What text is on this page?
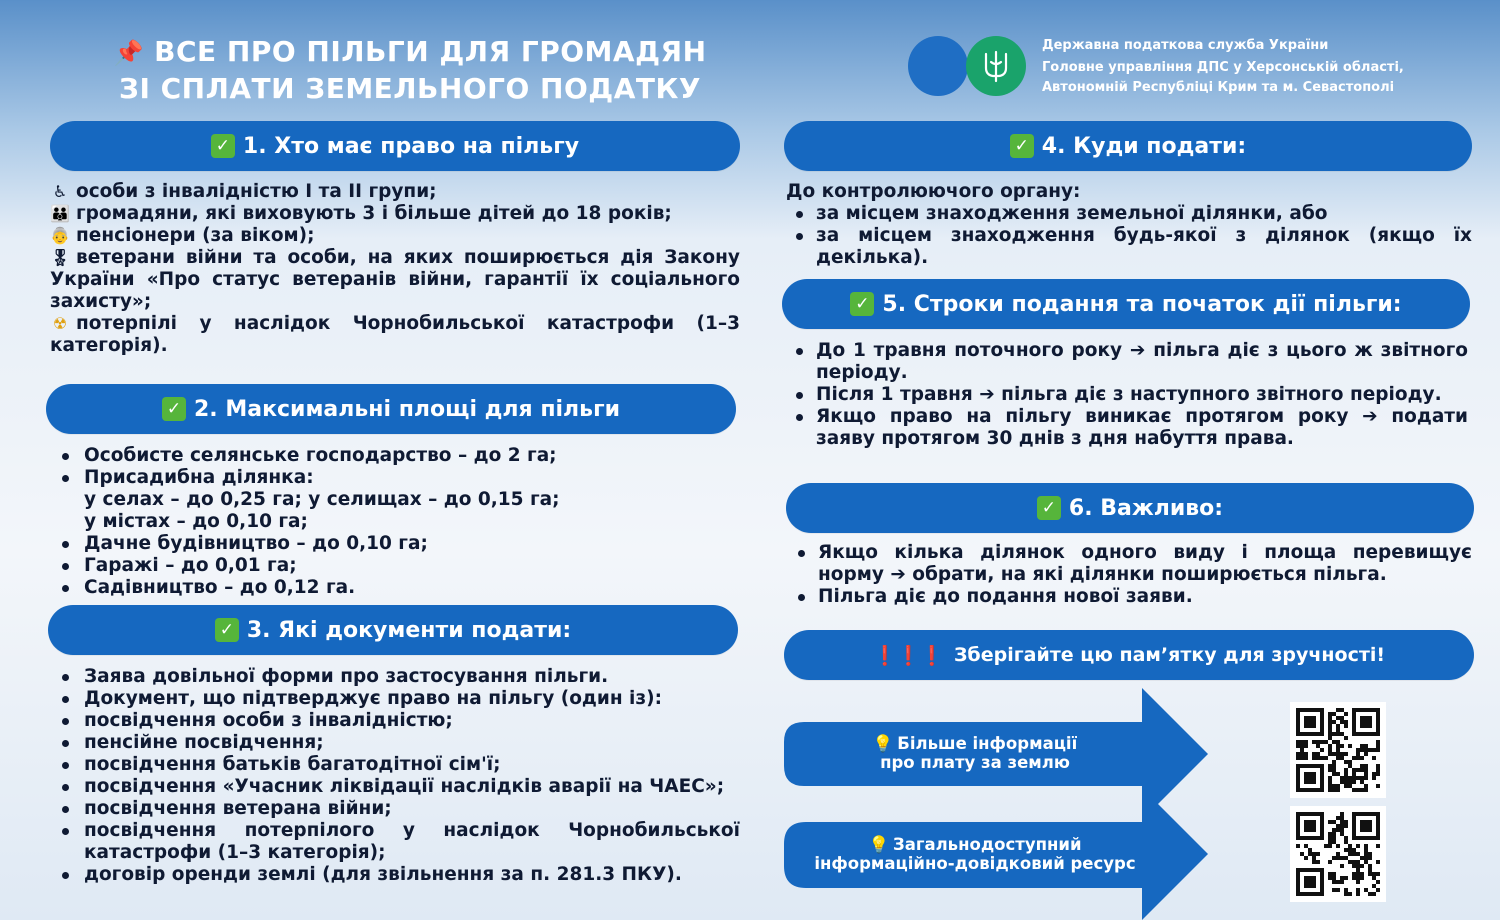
📌 ВСЕ ПРО ПІЛЬГИ ДЛЯ ГРОМАДЯН
ЗІ СПЛАТИ ЗЕМЕЛЬНОГО ПОДАТКУ
Державна податкова служба України
Головне управління ДПС у Херсонській області,
Автономній Республіці Крим та м. Севастополі
✓ 1. Хто має право на пільгу
♿ особи з інвалідністю І та ІІ групи;
👪 громадяни, які виховують 3 і більше дітей до 18 років;
👵 пенсіонери (за віком);
🎖 ветерани війни та особи, на яких поширюється дія Закону України «Про статус ветеранів війни, гарантії їх соціального захисту»;
☢ потерпілі у наслідок Чорнобильської катастрофи (1–3 категорія).
✓ 2. Максимальні площі для пільги
Особисте селянське господарство – до 2 га;
Присадибна ділянка:
у селах – до 0,25 га; у селищах – до 0,15 га;
у містах – до 0,10 га;
Дачне будівництво – до 0,10 га;
Гаражі – до 0,01 га;
Садівництво – до 0,12 га.
✓ 3. Які документи подати:
Заява довільної форми про застосування пільги.
Документ, що підтверджує право на пільгу (один із):
посвідчення особи з інвалідністю;
пенсійне посвідчення;
посвідчення батьків багатодітної сім'ї;
посвідчення «Учасник ліквідації наслідків аварії на ЧАЕС»;
посвідчення ветерана війни;
посвідчення потерпілого у наслідок Чорнобильської катастрофи (1–3 категорія);
договір оренди землі (для звільнення за п. 281.3 ПКУ).
✓ 4. Куди подати:
До контролюючого органу:
за місцем знаходження земельної ділянки, або
за місцем знаходження будь-якої з ділянок (якщо їх декілька).
✓ 5. Строки подання та початок дії пільги:
До 1 травня поточного року ➔ пільга діє з цього ж звітного періоду.
Після 1 травня ➔ пільга діє з наступного звітного періоду.
Якщо право на пільгу виникає протягом року ➔ подати заяву протягом 30 днів з дня набуття права.
✓ 6. Важливо:
Якщо кілька ділянок одного виду і площа перевищує норму ➔ обрати, на які ділянки поширюється пільга.
Пільга діє до подання нової заяви.
❗❗❗ Зберігайте цю пам’ятку для зручності!
💡 Більше інформації
про плату за землю
💡 Загальнодоступний
інформаційно-довідковий ресурс
